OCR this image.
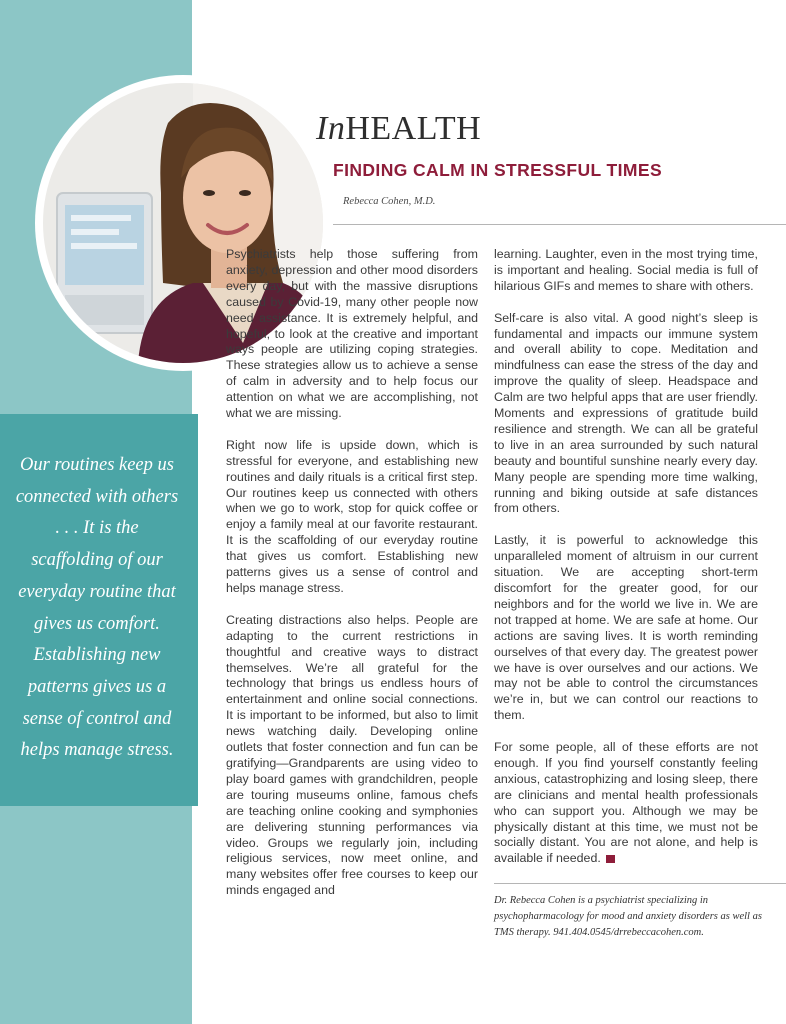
Our routines keep us connected with others . . . It is the scaffolding of our everyday routine that gives us comfort. Establishing new patterns gives us a sense of control and helps manage stress.

InHEALTH
FINDING CALM IN STRESSFUL TIMES

Rebecca Cohen, M.D.

Psychiatrists help those suffering from anxiety, depression and other mood disorders every day, but with the massive disruptions caused by Covid-19, many other people now need assistance. It is extremely helpful, and hopeful, to look at the creative and important ways people are utilizing coping strategies. These strategies allow us to achieve a sense of calm in adversity and to help focus our attention on what we are accomplishing, not what we are missing.

Right now life is upside down, which is stressful for everyone, and establishing new routines and daily rituals is a critical first step. Our routines keep us connected with others when we go to work, stop for quick coffee or enjoy a family meal at our favorite restaurant. It is the scaffolding of our everyday routine that gives us comfort. Establishing new patterns gives us a sense of control and helps manage stress.

Creating distractions also helps. People are adapting to the current restrictions in thoughtful and creative ways to distract themselves. We’re all grateful for the technology that brings us endless hours of entertainment and online social connections. It is important to be informed, but also to limit news watching daily. Developing online outlets that foster connection and fun can be gratifying—Grandparents are using video to play board games with grandchildren, people are touring museums online, famous chefs are teaching online cooking and symphonies are delivering stunning performances via video. Groups we regularly join, including religious services, now meet online, and many websites offer free courses to keep our minds engaged and

learning. Laughter, even in the most trying time, is important and healing. Social media is full of hilarious GIFs and memes to share with others.

Self-care is also vital. A good night’s sleep is fundamental and impacts our immune system and overall ability to cope. Meditation and mindfulness can ease the stress of the day and improve the quality of sleep. Headspace and Calm are two helpful apps that are user friendly. Moments and expressions of gratitude build resilience and strength. We can all be grateful to live in an area surrounded by such natural beauty and bountiful sunshine nearly every day. Many people are spending more time walking, running and biking outside at safe distances from others.

Lastly, it is powerful to acknowledge this unparalleled moment of altruism in our current situation. We are accepting short-term discomfort for the greater good, for our neighbors and for the world we live in. We are not trapped at home. We are safe at home. Our actions are saving lives. It is worth reminding ourselves of that every day. The greatest power we have is over ourselves and our actions. We may not be able to control the circumstances we’re in, but we can control our reactions to them.

For some people, all of these efforts are not enough. If you find yourself constantly feeling anxious, catastrophizing and losing sleep, there are clinicians and mental health professionals who can support you. Although we may be physically distant at this time, we must not be socially distant. You are not alone, and help is available if needed.

Dr. Rebecca Cohen is a psychiatrist specializing in psychopharmacology for mood and anxiety disorders as well as TMS therapy. 941.404.0545/drrebeccacohen.com.
